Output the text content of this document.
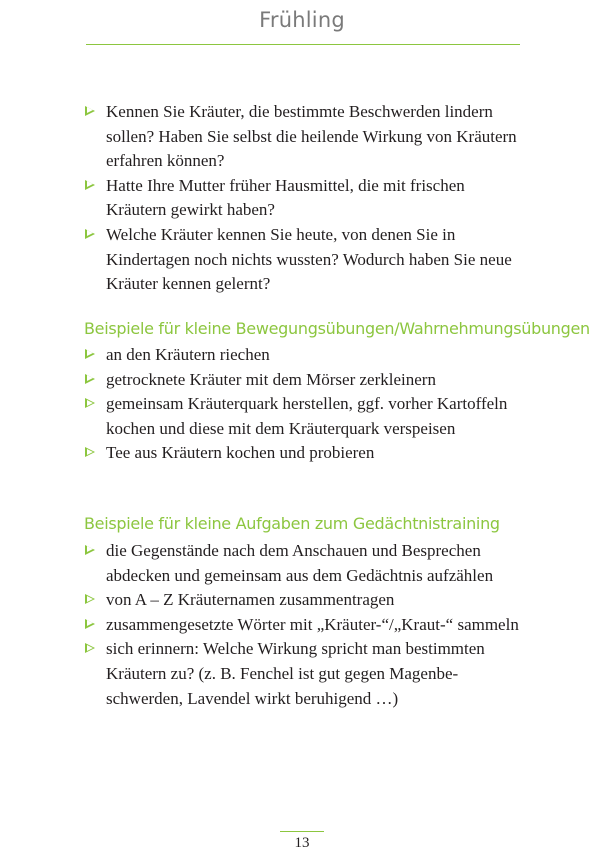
Frühling
Kennen Sie Kräuter, die bestimmte Beschwerden lindern sollen? Haben Sie selbst die heilende Wirkung von Kräutern erfahren können?
Hatte Ihre Mutter früher Hausmittel, die mit frischen Kräutern gewirkt haben?
Welche Kräuter kennen Sie heute, von denen Sie in Kindertagen noch nichts wussten? Wodurch haben Sie neue Kräuter kennen gelernt?
Beispiele für kleine Bewegungsübungen/Wahrnehmungsübungen
an den Kräutern riechen
getrocknete Kräuter mit dem Mörser zerkleinern
gemeinsam Kräuterquark herstellen, ggf. vorher Kartoffeln kochen und diese mit dem Kräuterquark verspeisen
Tee aus Kräutern kochen und probieren
Beispiele für kleine Aufgaben zum Gedächtnistraining
die Gegenstände nach dem Anschauen und Besprechen abdecken und gemeinsam aus dem Gedächtnis aufzählen
von A – Z Kräuternamen zusammentragen
zusammengesetzte Wörter mit „Kräuter-“/„Kraut-“ sammeln
sich erinnern: Welche Wirkung spricht man bestimmten Kräutern zu? (z. B. Fenchel ist gut gegen Magenbe- schwerden, Lavendel wirkt beruhigend …)
13
